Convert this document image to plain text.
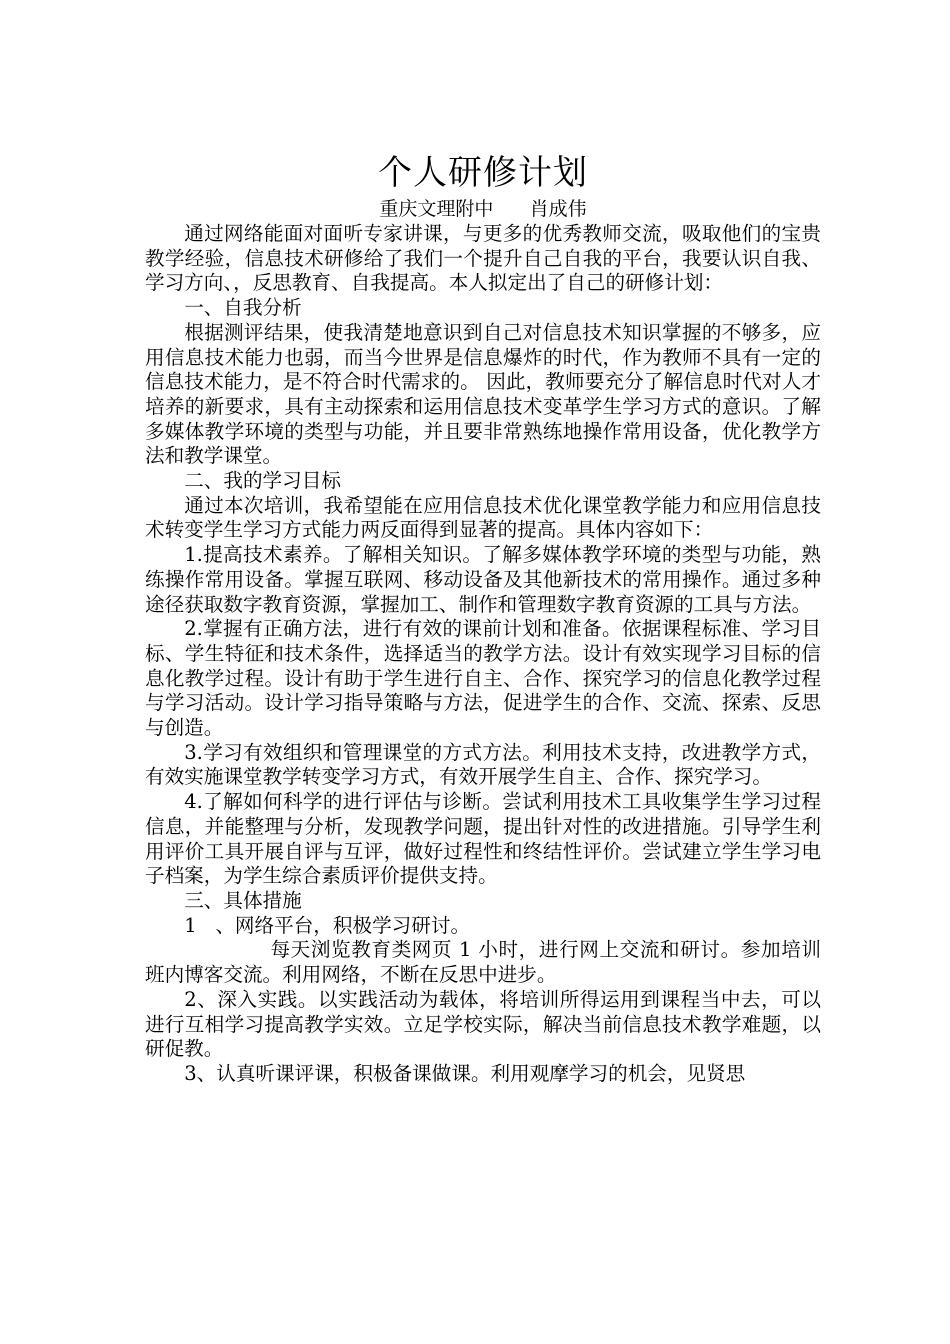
个人研修计划

重庆文理附中      肖成伟

通过网络能面对面听专家讲课，与更多的优秀教师交流，吸取他们的宝贵教学经验，信息技术研修给了我们一个提升自己自我的平台，我要认识自我、学习方向、，反思教育、自我提高。本人拟定出了自己的研修计划：

一、自我分析

根据测评结果，使我清楚地意识到自己对信息技术知识掌握的不够多，应用信息技术能力也弱，而当今世界是信息爆炸的时代，作为教师不具有一定的信息技术能力，是不符合时代需求的。 因此，教师要充分了解信息时代对人才培养的新要求，具有主动探索和运用信息技术变革学生学习方式的意识。了解多媒体教学环境的类型与功能，并且要非常熟练地操作常用设备，优化教学方法和教学课堂。

二、我的学习目标

通过本次培训，我希望能在应用信息技术优化课堂教学能力和应用信息技术转变学生学习方式能力两反面得到显著的提高。具体内容如下：

1.提高技术素养。了解相关知识。了解多媒体教学环境的类型与功能，熟练操作常用设备。掌握互联网、移动设备及其他新技术的常用操作。通过多种途径获取数字教育资源，掌握加工、制作和管理数字教育资源的工具与方法。

2.掌握有正确方法，进行有效的课前计划和准备。依据课程标准、学习目标、学生特征和技术条件，选择适当的教学方法。设计有效实现学习目标的信息化教学过程。设计有助于学生进行自主、合作、探究学习的信息化教学过程与学习活动。设计学习指导策略与方法，促进学生的合作、交流、探索、反思与创造。

3.学习有效组织和管理课堂的方式方法。利用技术支持，改进教学方式，有效实施课堂教学转变学习方式，有效开展学生自主、合作、探究学习。

4.了解如何科学的进行评估与诊断。尝试利用技术工具收集学生学习过程信息，并能整理与分析，发现教学问题，提出针对性的改进措施。引导学生利用评价工具开展自评与互评，做好过程性和终结性评价。尝试建立学生学习电子档案，为学生综合素质评价提供支持。

三、具体措施

1   、网络平台，积极学习研讨。

每天浏览教育类网页 1 小时，进行网上交流和研讨。参加培训班内博客交流。利用网络，不断在反思中进步。

2、深入实践。以实践活动为载体，将培训所得运用到课程当中去，可以进行互相学习提高教学实效。立足学校实际，解决当前信息技术教学难题，以研促教。

3、认真听课评课，积极备课做课。利用观摩学习的机会，见贤思
